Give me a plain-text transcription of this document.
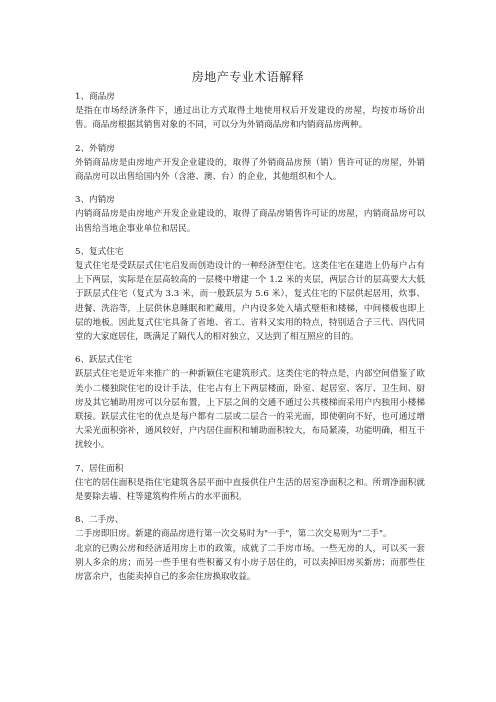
房地产专业术语解释

1、商品房

是指在市场经济条件下，通过出让方式取得土地使用权后开发建设的房屋，均按市场价出售。商品房根据其销售对象的不同，可以分为外销商品房和内销商品房两种。

2、外销房

外销商品房是由房地产开发企业建设的，取得了外销商品房预（销）售许可证的房屋，外销商品房可以出售给国内外（含港、澳、台）的企业，其他组织和个人。

3、内销房

内销商品房是由房地产开发企业建设的，取得了商品房销售许可证的房屋，内销商品房可以出售给当地企事业单位和居民。

5、复式住宅

复式住宅是受跃层式住宅启发而创造设计的一种经济型住宅。这类住宅在建造上仍每户占有上下两层，实际是在层高较高的一层楼中增建一个 1.2 米的夹层，两层合计的层高要大大低于跃层式住宅（复式为 3.3 米，而一般跃层为 5.6 米），复式住宅的下层供起居用，炊事、进餐、洗浴等，上层供休息睡眠和贮藏用，户内设多处入墙式壁柜和楼梯，中间楼板也即上层的地板。因此复式住宅具备了省地、省工、省料又实用的特点，特别适合子三代、四代同堂的大家庭居住，既满足了隔代人的相对独立，又达到了相互照应的目的。

6、跃层式住宅

跃层式住宅是近年来推广的一种新颖住宅建筑形式。这类住宅的特点是，内部空间借鉴了欧美小二楼独院住宅的设计手法，住宅占有上下两层楼面，卧室、起居室、客厅、卫生间、厨房及其它辅助用房可以分层布置，上下层之间的交通不通过公共楼梯而采用户内独用小楼梯联接。跃层式住宅的优点是每户都有二层或二层合一的采光面，即使朝向不好，也可通过增大采光面积弥补，通风较好，户内居住面积和辅助面积较大，布局紧凑，功能明确，相互干扰较小。

7、居住面积

住宅的居住面积是指住宅建筑各层平面中直接供住户生活的居室净面积之和。所谓净面积就是要除去墙、柱等建筑构件所占的水平面积。

8、二手房、

二手房即旧房。新建的商品房进行第一次交易时为"一手"，第二次交易则为"二手"。

北京的已购公房和经济适用房上市的政策，成就了二手房市场。一些无房的人，可以买一套别人多余的房；而另一些手里有些积蓄又有小房子居住的，可以卖掉旧房买新房；而那些住房富余户，也能卖掉自己的多余住房换取收益。
